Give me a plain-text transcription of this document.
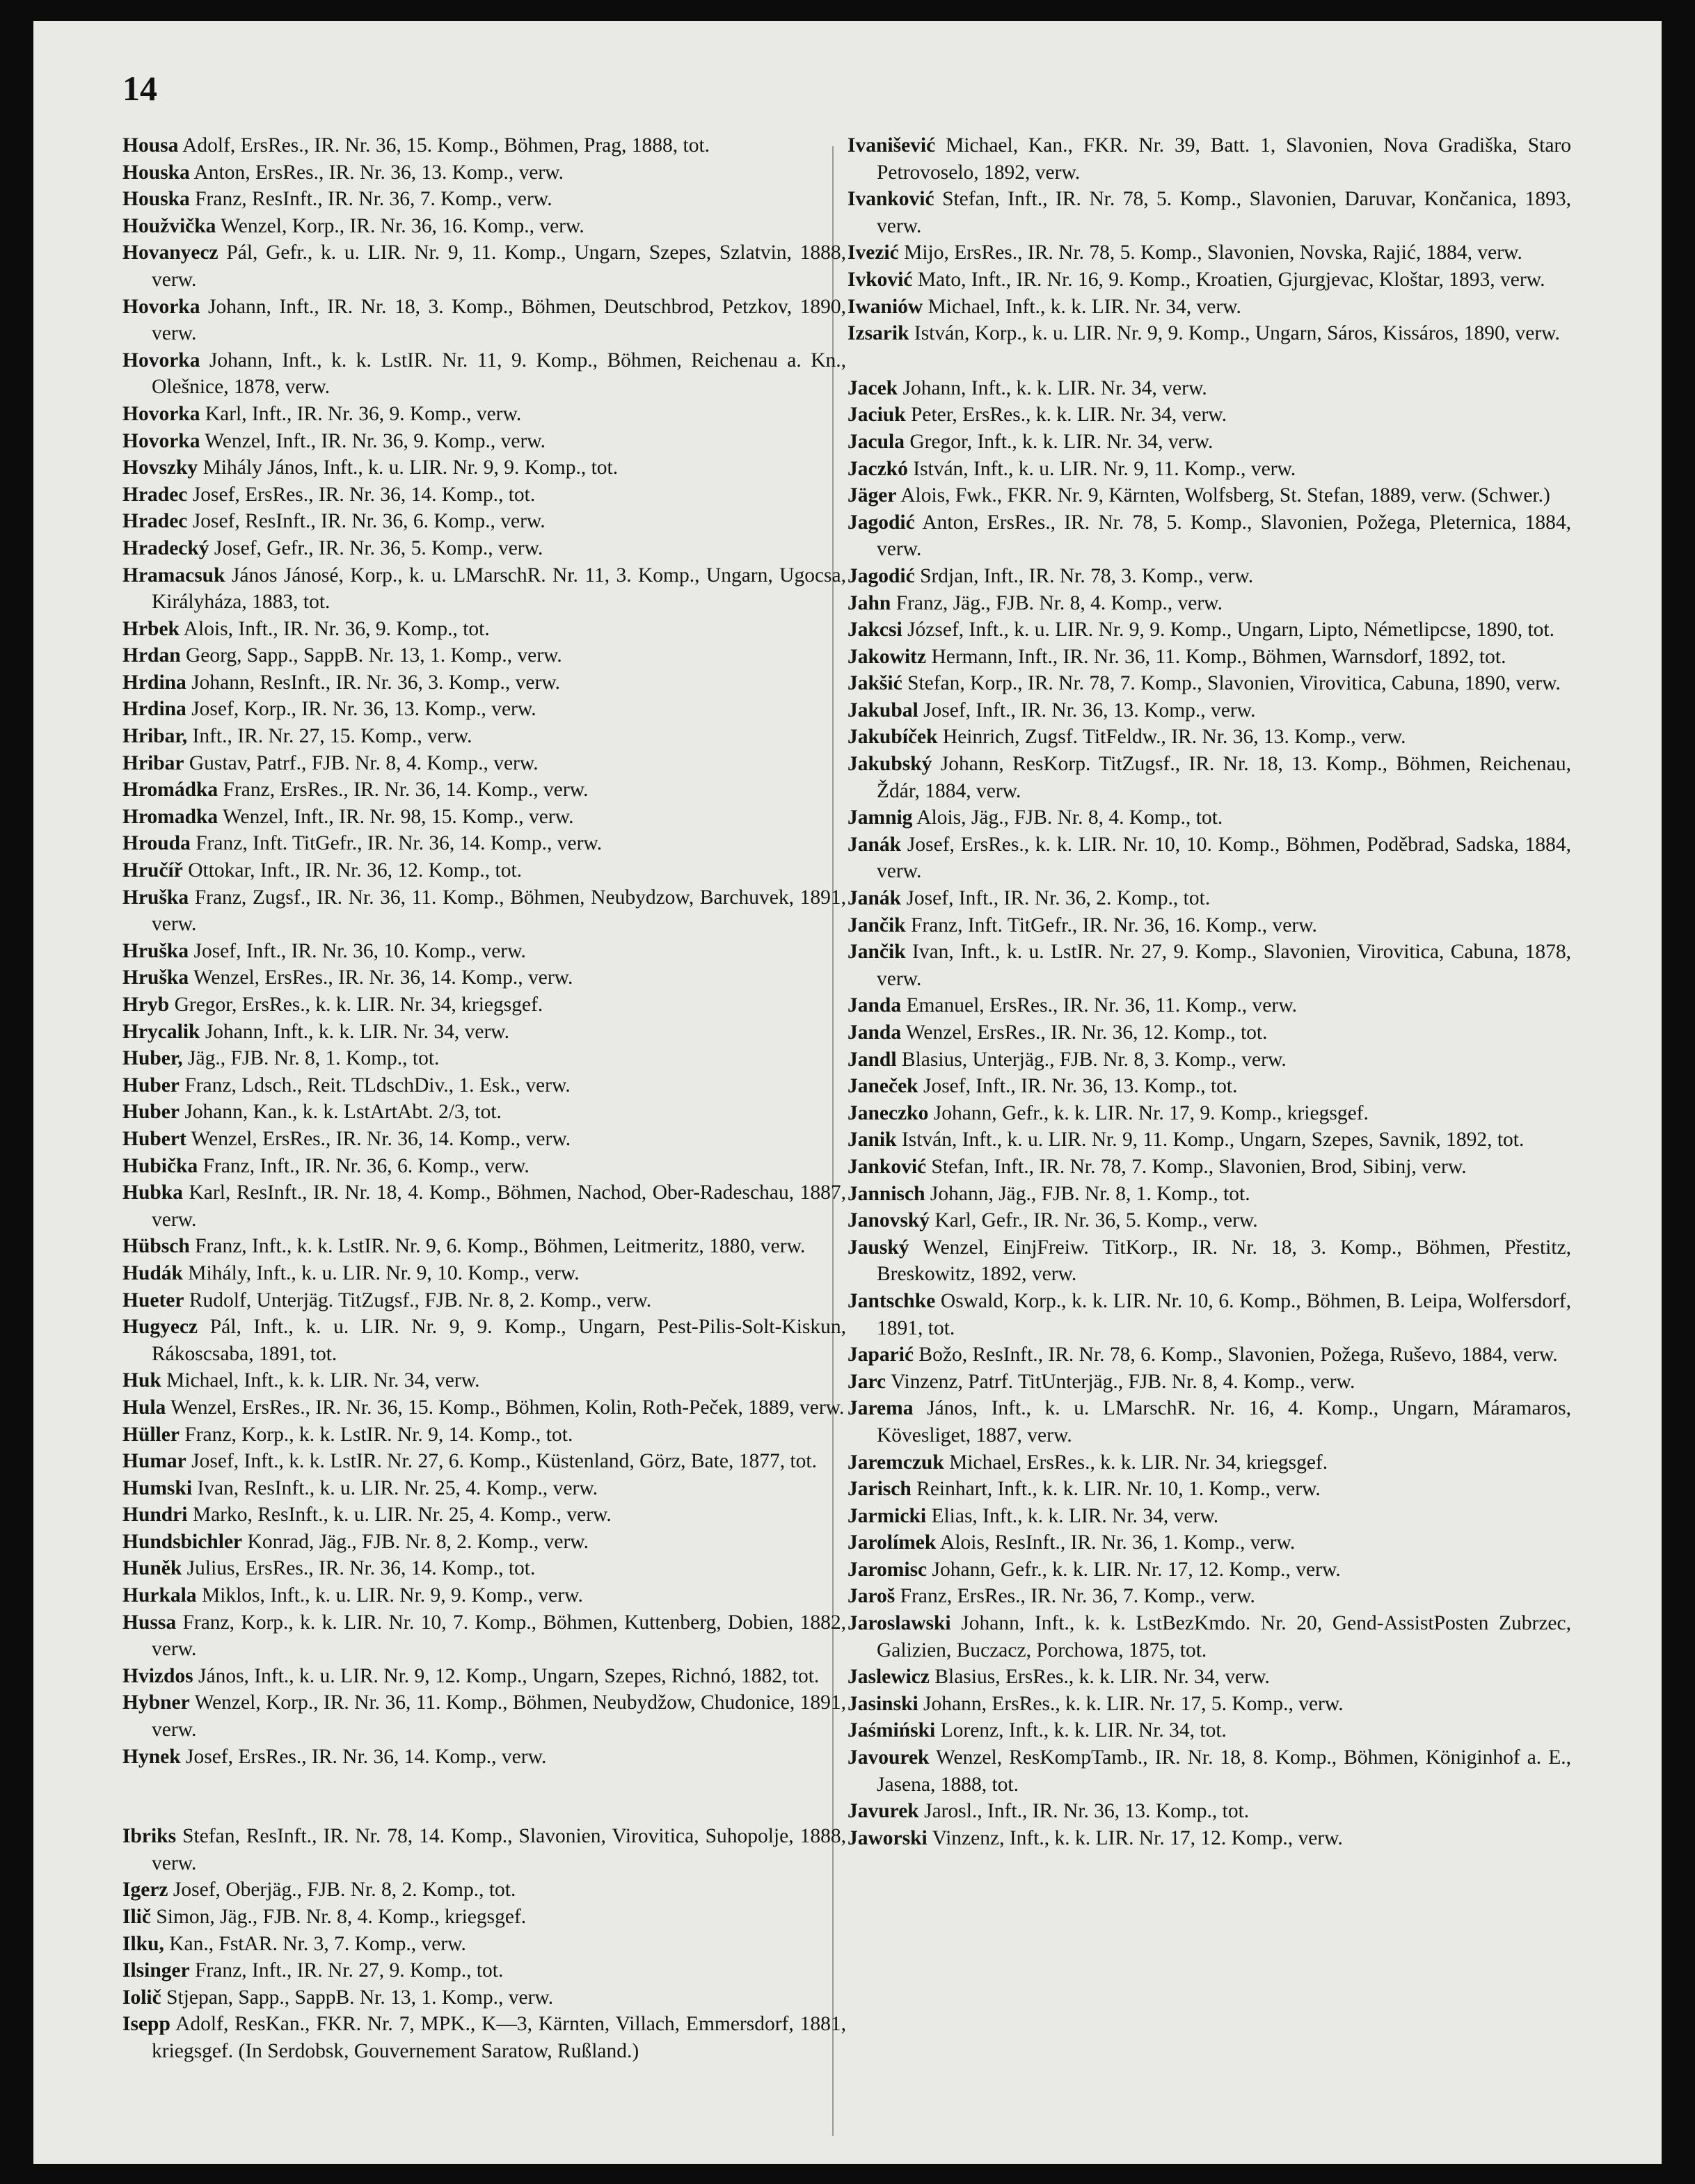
14

Housa Adolf, ErsRes., IR. Nr. 36, 15. Komp., Böhmen, Prag, 1888, tot.

Houska Anton, ErsRes., IR. Nr. 36, 13. Komp., verw.

Houska Franz, ResInft., IR. Nr. 36, 7. Komp., verw.

Houžvička Wenzel, Korp., IR. Nr. 36, 16. Komp., verw.

Hovanyecz Pál, Gefr., k. u. LIR. Nr. 9, 11. Komp., Ungarn, Szepes, Szlatvin, 1888, verw.

Hovorka Johann, Inft., IR. Nr. 18, 3. Komp., Böhmen, Deutschbrod, Petzkov, 1890, verw.

Hovorka Johann, Inft., k. k. LstIR. Nr. 11, 9. Komp., Böhmen, Reichenau a. Kn., Olešnice, 1878, verw.

Hovorka Karl, Inft., IR. Nr. 36, 9. Komp., verw.

Hovorka Wenzel, Inft., IR. Nr. 36, 9. Komp., verw.

Hovszky Mihály János, Inft., k. u. LIR. Nr. 9, 9. Komp., tot.

Hradec Josef, ErsRes., IR. Nr. 36, 14. Komp., tot.

Hradec Josef, ResInft., IR. Nr. 36, 6. Komp., verw.

Hradecký Josef, Gefr., IR. Nr. 36, 5. Komp., verw.

Hramacsuk János Jánosé, Korp., k. u. LMarschR. Nr. 11, 3. Komp., Ungarn, Ugocsa, Királyháza, 1883, tot.

Hrbek Alois, Inft., IR. Nr. 36, 9. Komp., tot.

Hrdan Georg, Sapp., SappB. Nr. 13, 1. Komp., verw.

Hrdina Johann, ResInft., IR. Nr. 36, 3. Komp., verw.

Hrdina Josef, Korp., IR. Nr. 36, 13. Komp., verw.

Hribar, Inft., IR. Nr. 27, 15. Komp., verw.

Hribar Gustav, Patrf., FJB. Nr. 8, 4. Komp., verw.

Hromádka Franz, ErsRes., IR. Nr. 36, 14. Komp., verw.

Hromadka Wenzel, Inft., IR. Nr. 98, 15. Komp., verw.

Hrouda Franz, Inft. TitGefr., IR. Nr. 36, 14. Komp., verw.

Hručíř Ottokar, Inft., IR. Nr. 36, 12. Komp., tot.

Hruška Franz, Zugsf., IR. Nr. 36, 11. Komp., Böhmen, Neubydzow, Barchuvek, 1891, verw.

Hruška Josef, Inft., IR. Nr. 36, 10. Komp., verw.

Hruška Wenzel, ErsRes., IR. Nr. 36, 14. Komp., verw.

Hryb Gregor, ErsRes., k. k. LIR. Nr. 34, kriegsgef.

Hrycalik Johann, Inft., k. k. LIR. Nr. 34, verw.

Huber, Jäg., FJB. Nr. 8, 1. Komp., tot.

Huber Franz, Ldsch., Reit. TLdschDiv., 1. Esk., verw.

Huber Johann, Kan., k. k. LstArtAbt. 2/3, tot.

Hubert Wenzel, ErsRes., IR. Nr. 36, 14. Komp., verw.

Hubička Franz, Inft., IR. Nr. 36, 6. Komp., verw.

Hubka Karl, ResInft., IR. Nr. 18, 4. Komp., Böhmen, Nachod, Ober-Radeschau, 1887, verw.

Hübsch Franz, Inft., k. k. LstIR. Nr. 9, 6. Komp., Böhmen, Leitmeritz, 1880, verw.

Hudák Mihály, Inft., k. u. LIR. Nr. 9, 10. Komp., verw.

Hueter Rudolf, Unterjäg. TitZugsf., FJB. Nr. 8, 2. Komp., verw.

Hugyecz Pál, Inft., k. u. LIR. Nr. 9, 9. Komp., Ungarn, Pest-Pilis-Solt-Kiskun, Rákoscsaba, 1891, tot.

Huk Michael, Inft., k. k. LIR. Nr. 34, verw.

Hula Wenzel, ErsRes., IR. Nr. 36, 15. Komp., Böhmen, Kolin, Roth-Peček, 1889, verw.

Hüller Franz, Korp., k. k. LstIR. Nr. 9, 14. Komp., tot.

Humar Josef, Inft., k. k. LstIR. Nr. 27, 6. Komp., Küstenland, Görz, Bate, 1877, tot.

Humski Ivan, ResInft., k. u. LIR. Nr. 25, 4. Komp., verw.

Hundri Marko, ResInft., k. u. LIR. Nr. 25, 4. Komp., verw.

Hundsbichler Konrad, Jäg., FJB. Nr. 8, 2. Komp., verw.

Huněk Julius, ErsRes., IR. Nr. 36, 14. Komp., tot.

Hurkala Miklos, Inft., k. u. LIR. Nr. 9, 9. Komp., verw.

Hussa Franz, Korp., k. k. LIR. Nr. 10, 7. Komp., Böhmen, Kuttenberg, Dobien, 1882, verw.

Hvizdos János, Inft., k. u. LIR. Nr. 9, 12. Komp., Ungarn, Szepes, Richnó, 1882, tot.

Hybner Wenzel, Korp., IR. Nr. 36, 11. Komp., Böhmen, Neubydžow, Chudonice, 1891, verw.

Hynek Josef, ErsRes., IR. Nr. 36, 14. Komp., verw.

Ibriks Stefan, ResInft., IR. Nr. 78, 14. Komp., Slavonien, Virovitica, Suhopolje, 1888, verw.

Igerz Josef, Oberjäg., FJB. Nr. 8, 2. Komp., tot.

Ilič Simon, Jäg., FJB. Nr. 8, 4. Komp., kriegsgef.

Ilku, Kan., FstAR. Nr. 3, 7. Komp., verw.

Ilsinger Franz, Inft., IR. Nr. 27, 9. Komp., tot.

Iolič Stjepan, Sapp., SappB. Nr. 13, 1. Komp., verw.

Isepp Adolf, ResKan., FKR. Nr. 7, MPK., K—3, Kärnten, Villach, Emmersdorf, 1881, kriegsgef. (In Serdobsk, Gouvernement Saratow, Rußland.)

Ivanišević Michael, Kan., FKR. Nr. 39, Batt. 1, Slavonien, Nova Gradiška, Staro Petrovoselo, 1892, verw.

Ivanković Stefan, Inft., IR. Nr. 78, 5. Komp., Slavonien, Daruvar, Končanica, 1893, verw.

Ivezić Mijo, ErsRes., IR. Nr. 78, 5. Komp., Slavonien, Novska, Rajić, 1884, verw.

Ivković Mato, Inft., IR. Nr. 16, 9. Komp., Kroatien, Gjurgjevac, Kloštar, 1893, verw.

Iwaniów Michael, Inft., k. k. LIR. Nr. 34, verw.

Izsarik István, Korp., k. u. LIR. Nr. 9, 9. Komp., Ungarn, Sáros, Kissáros, 1890, verw.

Jacek Johann, Inft., k. k. LIR. Nr. 34, verw.

Jaciuk Peter, ErsRes., k. k. LIR. Nr. 34, verw.

Jacula Gregor, Inft., k. k. LIR. Nr. 34, verw.

Jaczkó István, Inft., k. u. LIR. Nr. 9, 11. Komp., verw.

Jäger Alois, Fwk., FKR. Nr. 9, Kärnten, Wolfsberg, St. Stefan, 1889, verw. (Schwer.)

Jagodić Anton, ErsRes., IR. Nr. 78, 5. Komp., Slavonien, Požega, Pleternica, 1884, verw.

Jagodić Srdjan, Inft., IR. Nr. 78, 3. Komp., verw.

Jahn Franz, Jäg., FJB. Nr. 8, 4. Komp., verw.

Jakcsi József, Inft., k. u. LIR. Nr. 9, 9. Komp., Ungarn, Lipto, Németlipcse, 1890, tot.

Jakowitz Hermann, Inft., IR. Nr. 36, 11. Komp., Böhmen, Warnsdorf, 1892, tot.

Jakšić Stefan, Korp., IR. Nr. 78, 7. Komp., Slavonien, Virovitica, Cabuna, 1890, verw.

Jakubal Josef, Inft., IR. Nr. 36, 13. Komp., verw.

Jakubíček Heinrich, Zugsf. TitFeldw., IR. Nr. 36, 13. Komp., verw.

Jakubský Johann, ResKorp. TitZugsf., IR. Nr. 18, 13. Komp., Böhmen, Reichenau, Ždár, 1884, verw.

Jamnig Alois, Jäg., FJB. Nr. 8, 4. Komp., tot.

Janák Josef, ErsRes., k. k. LIR. Nr. 10, 10. Komp., Böhmen, Poděbrad, Sadska, 1884, verw.

Janák Josef, Inft., IR. Nr. 36, 2. Komp., tot.

Jančik Franz, Inft. TitGefr., IR. Nr. 36, 16. Komp., verw.

Jančik Ivan, Inft., k. u. LstIR. Nr. 27, 9. Komp., Slavonien, Virovitica, Cabuna, 1878, verw.

Janda Emanuel, ErsRes., IR. Nr. 36, 11. Komp., verw.

Janda Wenzel, ErsRes., IR. Nr. 36, 12. Komp., tot.

Jandl Blasius, Unterjäg., FJB. Nr. 8, 3. Komp., verw.

Janeček Josef, Inft., IR. Nr. 36, 13. Komp., tot.

Janeczko Johann, Gefr., k. k. LIR. Nr. 17, 9. Komp., kriegsgef.

Janik István, Inft., k. u. LIR. Nr. 9, 11. Komp., Ungarn, Szepes, Savnik, 1892, tot.

Janković Stefan, Inft., IR. Nr. 78, 7. Komp., Slavonien, Brod, Sibinj, verw.

Jannisch Johann, Jäg., FJB. Nr. 8, 1. Komp., tot.

Janovský Karl, Gefr., IR. Nr. 36, 5. Komp., verw.

Jauský Wenzel, EinjFreiw. TitKorp., IR. Nr. 18, 3. Komp., Böhmen, Přestitz, Breskowitz, 1892, verw.

Jantschke Oswald, Korp., k. k. LIR. Nr. 10, 6. Komp., Böhmen, B. Leipa, Wolfersdorf, 1891, tot.

Japarić Božo, ResInft., IR. Nr. 78, 6. Komp., Slavonien, Požega, Ruševo, 1884, verw.

Jarc Vinzenz, Patrf. TitUnterjäg., FJB. Nr. 8, 4. Komp., verw.

Jarema János, Inft., k. u. LMarschR. Nr. 16, 4. Komp., Ungarn, Máramaros, Kövesliget, 1887, verw.

Jaremczuk Michael, ErsRes., k. k. LIR. Nr. 34, kriegsgef.

Jarisch Reinhart, Inft., k. k. LIR. Nr. 10, 1. Komp., verw.

Jarmicki Elias, Inft., k. k. LIR. Nr. 34, verw.

Jarolímek Alois, ResInft., IR. Nr. 36, 1. Komp., verw.

Jaromisc Johann, Gefr., k. k. LIR. Nr. 17, 12. Komp., verw.

Jaroš Franz, ErsRes., IR. Nr. 36, 7. Komp., verw.

Jaroslawski Johann, Inft., k. k. LstBezKmdo. Nr. 20, Gend-AssistPosten Zubrzec, Galizien, Buczacz, Porchowa, 1875, tot.

Jaslewicz Blasius, ErsRes., k. k. LIR. Nr. 34, verw.

Jasinski Johann, ErsRes., k. k. LIR. Nr. 17, 5. Komp., verw.

Jaśmiński Lorenz, Inft., k. k. LIR. Nr. 34, tot.

Javourek Wenzel, ResKompTamb., IR. Nr. 18, 8. Komp., Böhmen, Königinhof a. E., Jasena, 1888, tot.

Javurek Jarosl., Inft., IR. Nr. 36, 13. Komp., tot.

Jaworski Vinzenz, Inft., k. k. LIR. Nr. 17, 12. Komp., verw.
